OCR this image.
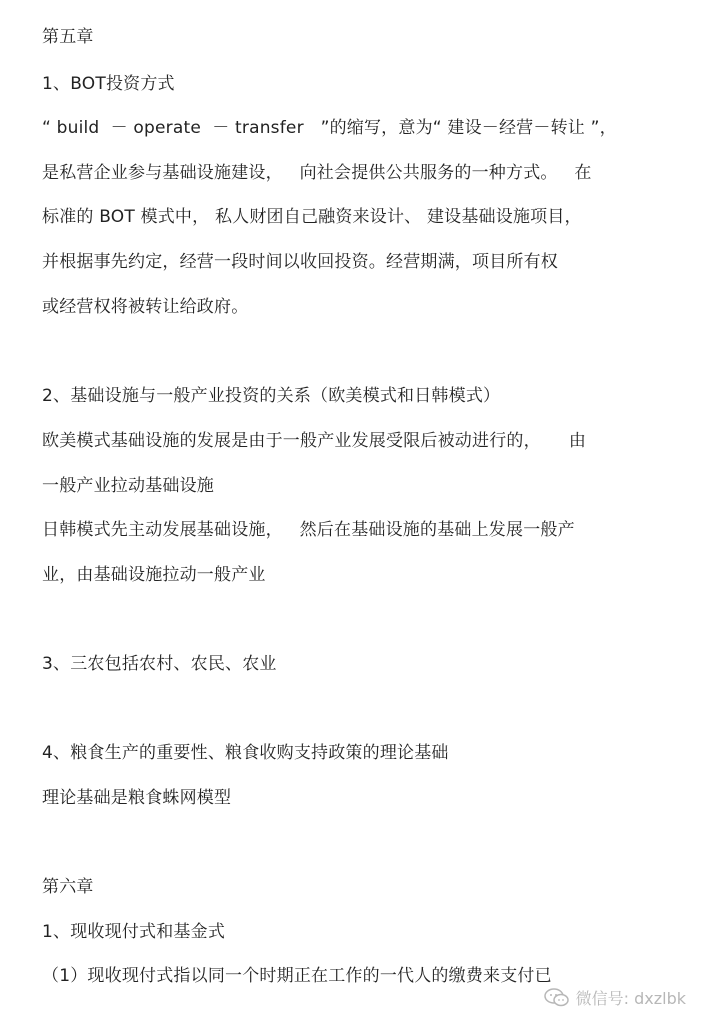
第五章
1、BOT投资方式
“ build  － operate  － transfer   ”的缩写，意为“ 建设－经营－转让 ”，
是私营企业参与基础设施建设，   向社会提供公共服务的一种方式。   在
标准的 BOT 模式中， 私人财团自己融资来设计、 建设基础设施项目，
并根据事先约定，经营一段时间以收回投资。经营期满，项目所有权
或经营权将被转让给政府。
2、基础设施与一般产业投资的关系（欧美模式和日韩模式）
欧美模式基础设施的发展是由于一般产业发展受限后被动进行的，     由
一般产业拉动基础设施
日韩模式先主动发展基础设施，   然后在基础设施的基础上发展一般产
业，由基础设施拉动一般产业
3、三农包括农村、农民、农业
4、粮食生产的重要性、粮食收购支持政策的理论基础
理论基础是粮食蛛网模型
第六章
1、现收现付式和基金式
（1）现收现付式指以同一个时期正在工作的一代人的缴费来支付已
微信号: dxzlbk
